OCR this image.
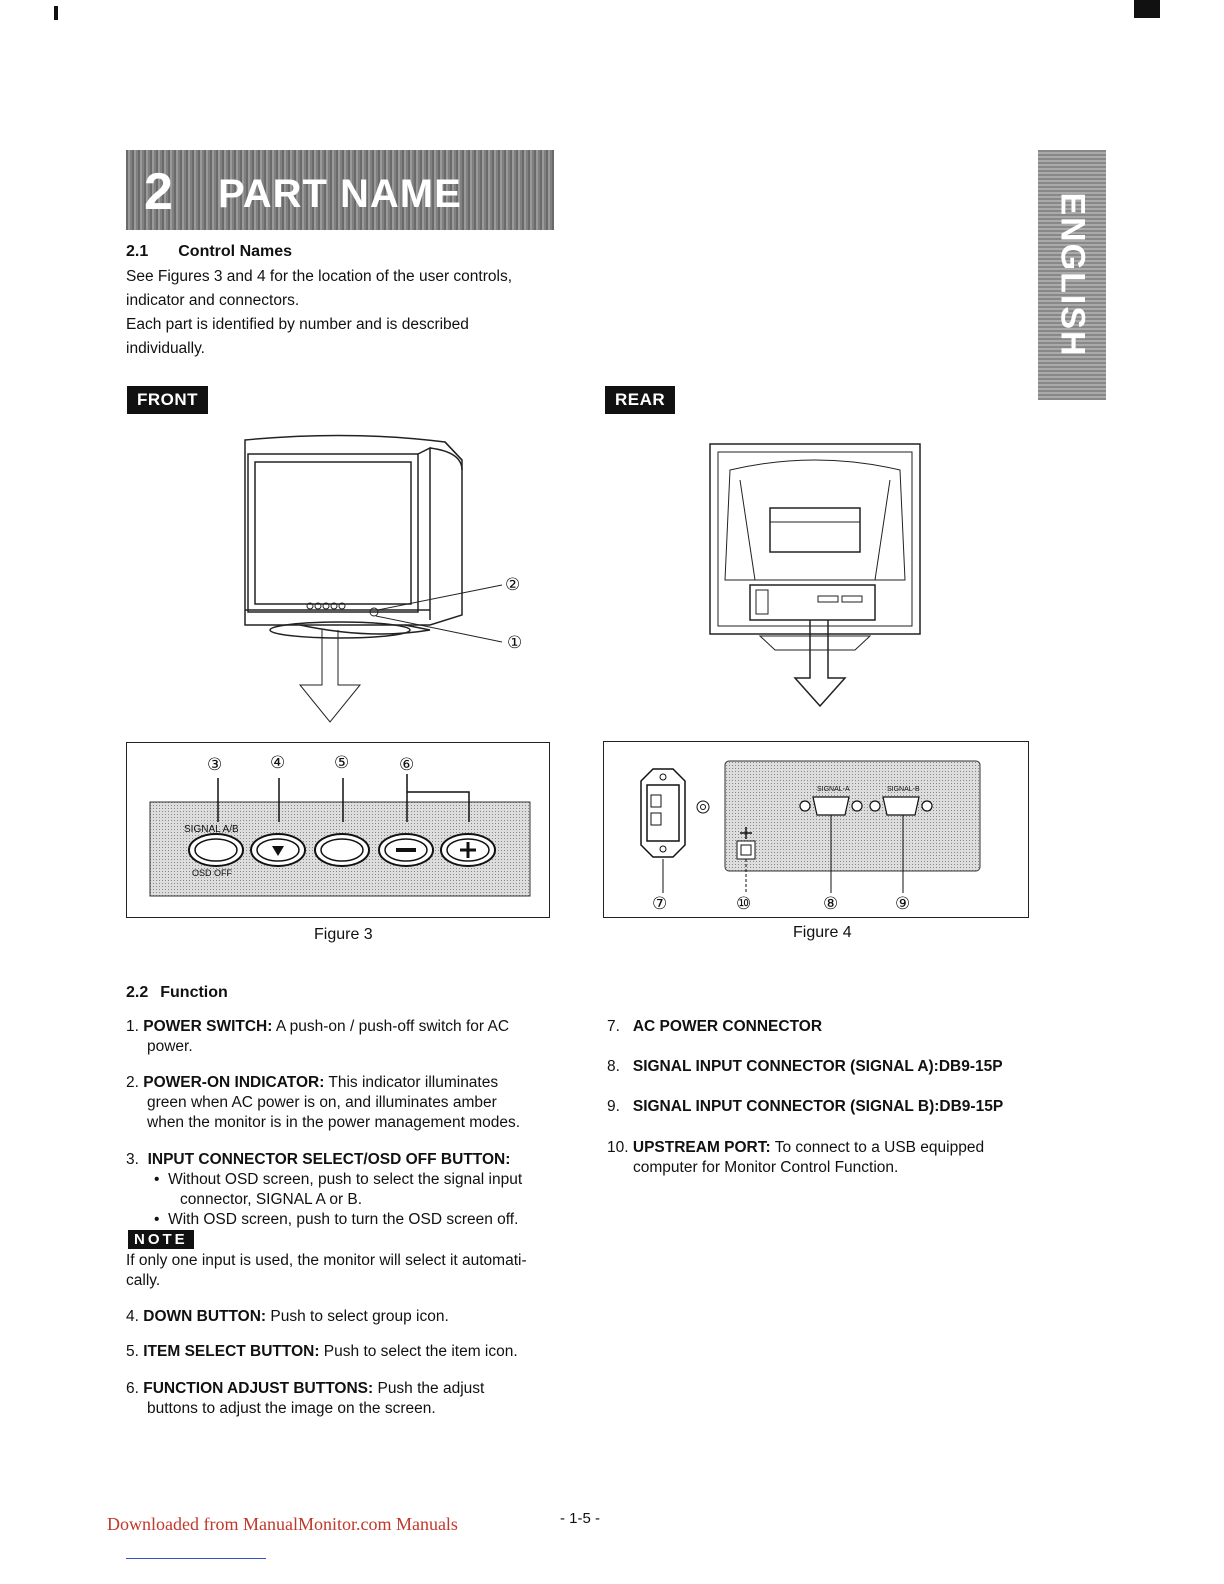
2 PART NAME	ENGLISH
2.1 Control Names
See Figures 3 and 4 for the location of the user controls,
indicator and connectors.
Each part is identified by number and is described
individually.
FRONT	REAR
②
①
SIGNAL A/B
OSD OFF
③	④	⑤	⑥
Figure 3
SIGNAL-A	SIGNAL-B
⑦	⑩	⑧	⑨
Figure 4
2.2 Function
1. POWER SWITCH: A push-on / push-off switch for AC
power.
2. POWER-ON INDICATOR: This indicator illuminates
green when AC power is on, and illuminates amber
when the monitor is in the power management modes.
3. INPUT CONNECTOR SELECT/OSD OFF BUTTON:
• Without OSD screen, push to select the signal input
connector, SIGNAL A or B.
• With OSD screen, push to turn the OSD screen off.
NOTE
If only one input is used, the monitor will select it automati-
cally.
4. DOWN BUTTON: Push to select group icon.
5. ITEM SELECT BUTTON: Push to select the item icon.
6. FUNCTION ADJUST BUTTONS: Push the adjust
buttons to adjust the image on the screen.
7. AC POWER CONNECTOR
8. SIGNAL INPUT CONNECTOR (SIGNAL A):DB9-15P
9. SIGNAL INPUT CONNECTOR (SIGNAL B):DB9-15P
10. UPSTREAM PORT: To connect to a USB equipped
computer for Monitor Control Function.
Downloaded from ManualMonitor.com Manuals	- 1-5 -
